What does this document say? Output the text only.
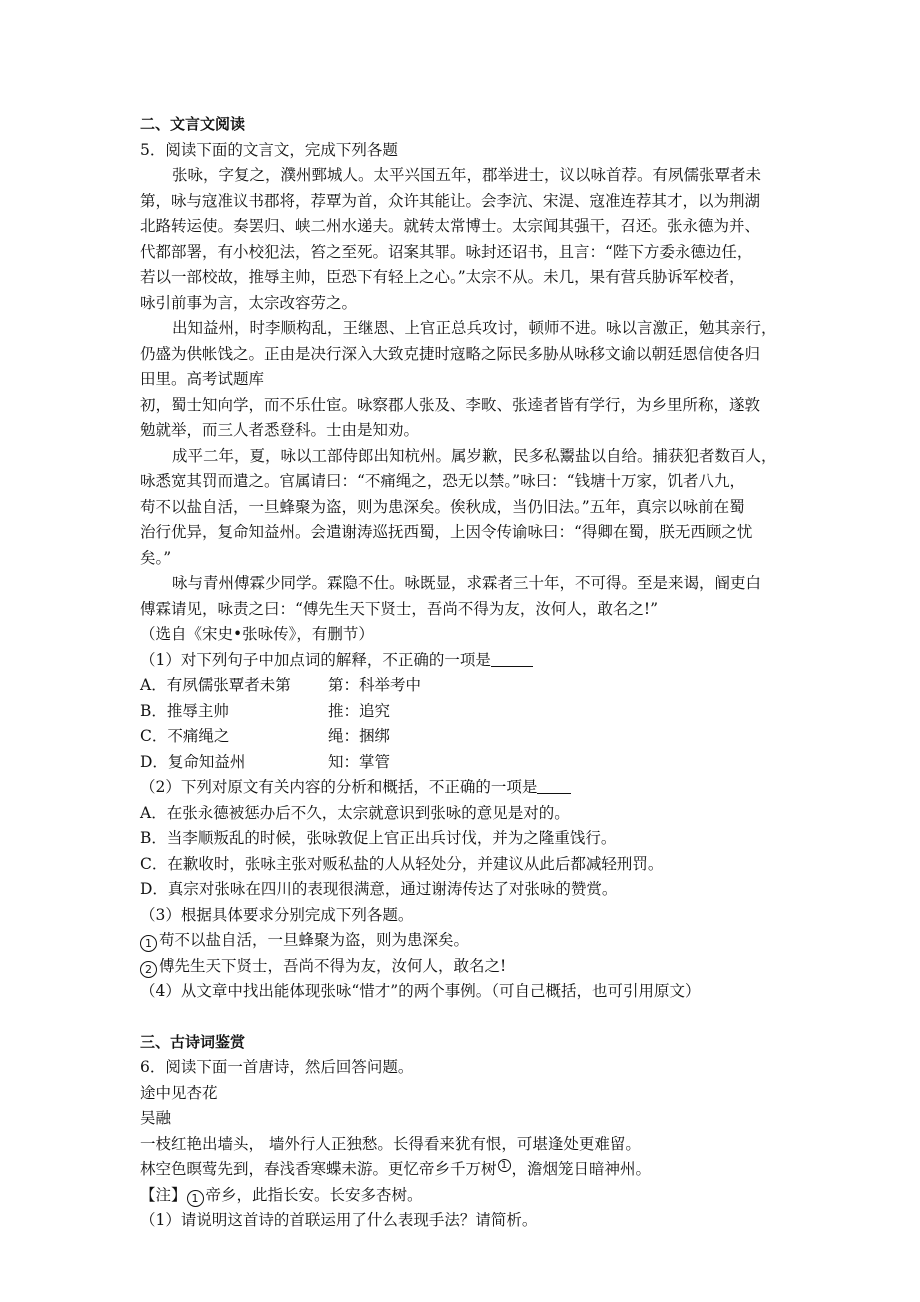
二、文言文阅读
5．阅读下面的文言文，完成下列各题
张咏，字复之，濮州鄄城人。太平兴国五年，郡举进士，议以咏首荐。有夙儒张覃者未
第，咏与寇准议书郡将，荐覃为首，众许其能让。会李沆、宋湜、寇准连荐其才，以为荆湖
北路转运使。奏罢归、峡二州水递夫。就转太常博士。太宗闻其强干，召还。张永德为并、
代都部署，有小校犯法，笞之至死。诏案其罪。咏封还诏书，且言：“陛下方委永德边任，
若以一部校故，推辱主帅，臣恐下有轻上之心。”太宗不从。未几，果有营兵胁诉军校者，
咏引前事为言，太宗改容劳之。
出知益州，时李顺构乱，王继恩、上官正总兵攻讨，顿师不进。咏以言激正，勉其亲行，
仍盛为供帐饯之。正由是决行深入大致克捷时寇略之际民多胁从咏移文谕以朝廷恩信使各归
田里。高考试题库
初，蜀士知向学，而不乐仕宦。咏察郡人张及、李畋、张逵者皆有学行，为乡里所称，遂敦
勉就举，而三人者悉登科。士由是知劝。
成平二年，夏，咏以工部侍郎出知杭州。属岁歉，民多私鬻盐以自给。捕获犯者数百人，
咏悉宽其罚而遣之。官属请曰：“不痛绳之，恐无以禁。”咏曰：“钱塘十万家，饥者八九，
苟不以盐自活，一旦蜂聚为盗，则为患深矣。俟秋成，当仍旧法。”五年，真宗以咏前在蜀
治行优异，复命知益州。会遣谢涛巡抚西蜀，上因令传谕咏曰：“得卿在蜀，朕无西顾之忧
矣。”
咏与青州傅霖少同学。霖隐不仕。咏既显，求霖者三十年，不可得。至是来谒，阍吏白
傅霖请见，咏责之曰：“傅先生天下贤士，吾尚不得为友，汝何人，敢名之!”
（选自《宋史•张咏传》，有删节）
（1）对下列句子中加点词的解释，不正确的一项是
A．有夙儒张覃者未第	第：科举考中
B．推辱主帅	推：追究
C．不痛绳之	绳：捆绑
D．复命知益州	知：掌管
（2）下列对原文有关内容的分析和概括，不正确的一项是
A．在张永德被惩办后不久，太宗就意识到张咏的意见是对的。
B．当李顺叛乱的时候，张咏敦促上官正出兵讨伐，并为之隆重饯行。
C．在歉收时，张咏主张对贩私盐的人从轻处分，并建议从此后都减轻刑罚。
D．真宗对张咏在四川的表现很满意，通过谢涛传达了对张咏的赞赏。
（3）根据具体要求分别完成下列各题。
1 苟不以盐自活，一旦蜂聚为盗，则为患深矣。
2 傅先生天下贤士，吾尚不得为友，汝何人，敢名之!
（4）从文章中找出能体现张咏“惜才”的两个事例。（可自己概括，也可引用原文）
三、古诗词鉴赏
6．阅读下面一首唐诗，然后回答问题。
途中见杏花
吴融
一枝红艳出墙头， 墙外行人正独愁。长得看来犹有恨，可堪逢处更难留。
林空色暝莺先到，春浅香寒蝶未游。更忆帝乡千万树 1 ，澹烟笼日暗神州。
【注】 1 帝乡，此指长安。长安多杏树。
（1）请说明这首诗的首联运用了什么表现手法？请简析。
